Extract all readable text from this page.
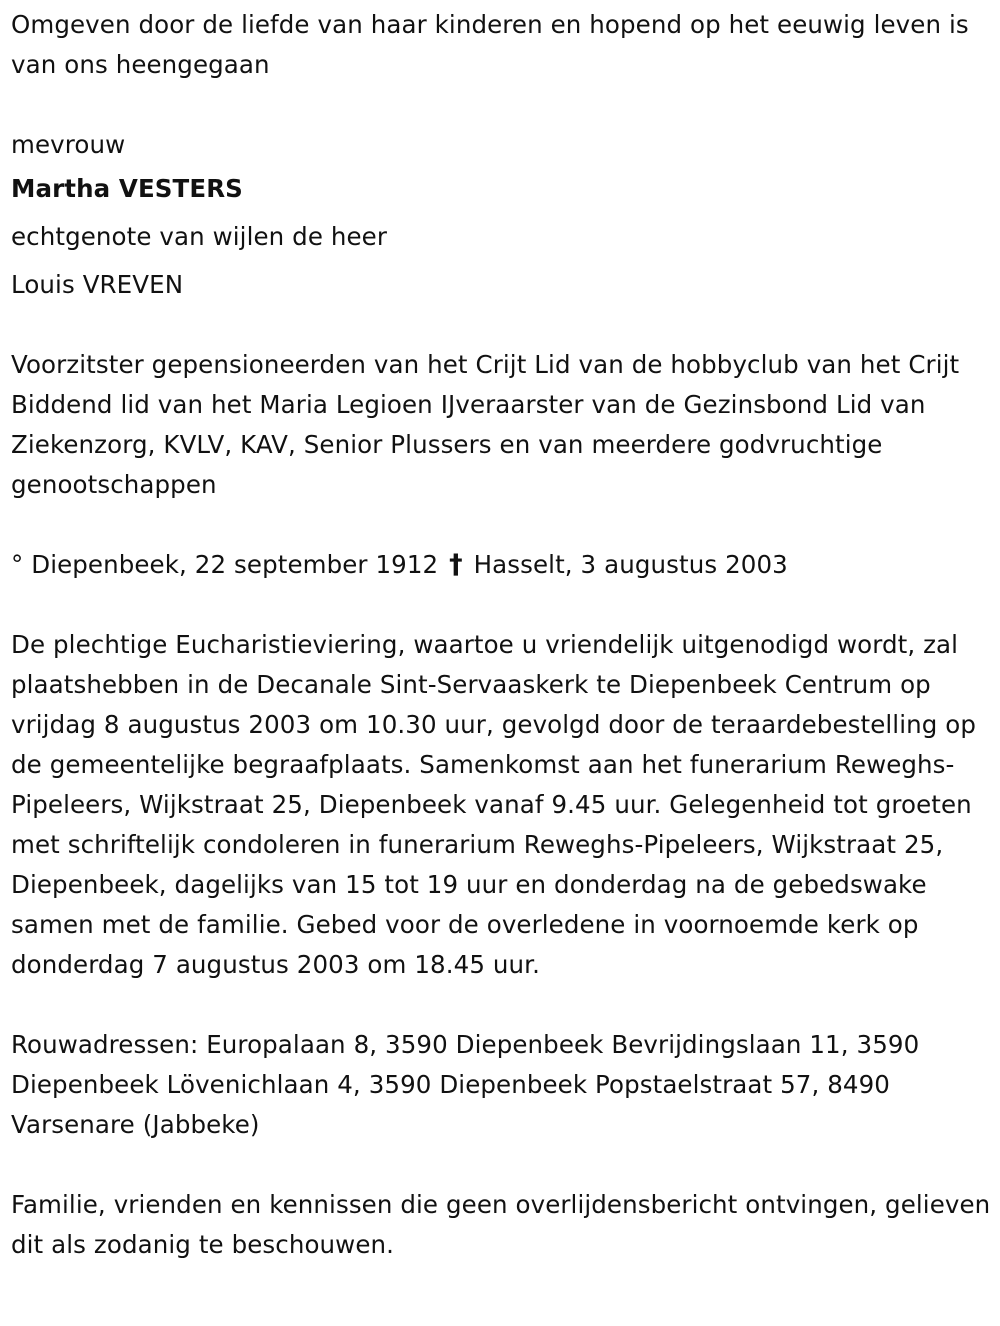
Omgeven door de liefde van haar kinderen en hopend op het eeuwig leven is van ons heengegaan

mevrouw

Martha VESTERS

echtgenote van wijlen de heer

Louis VREVEN

Voorzitster gepensioneerden van het Crijt Lid van de hobbyclub van het Crijt Biddend lid van het Maria Legioen IJveraarster van de Gezinsbond Lid van Ziekenzorg, KVLV, KAV, Senior Plussers en van meerdere godvruchtige genootschappen

° Diepenbeek, 22 september 1912 † Hasselt, 3 augustus 2003

De plechtige Eucharistieviering, waartoe u vriendelijk uitgenodigd wordt, zal plaatshebben in de Decanale Sint-Servaaskerk te Diepenbeek Centrum op vrijdag 8 augustus 2003 om 10.30 uur, gevolgd door de teraardebestelling op de gemeentelijke begraafplaats. Samenkomst aan het funerarium Reweghs-Pipeleers, Wijkstraat 25, Diepenbeek vanaf 9.45 uur. Gelegenheid tot groeten met schriftelijk condoleren in funerarium Reweghs-Pipeleers, Wijkstraat 25, Diepenbeek, dagelijks van 15 tot 19 uur en donderdag na de gebedswake samen met de familie. Gebed voor de overledene in voornoemde kerk op donderdag 7 augustus 2003 om 18.45 uur.

Rouwadressen: Europalaan 8, 3590 Diepenbeek Bevrijdingslaan 11, 3590 Diepenbeek Lövenichlaan 4, 3590 Diepenbeek Popstaelstraat 57, 8490 Varsenare (Jabbeke)

Familie, vrienden en kennissen die geen overlijdensbericht ontvingen, gelieven dit als zodanig te beschouwen.
